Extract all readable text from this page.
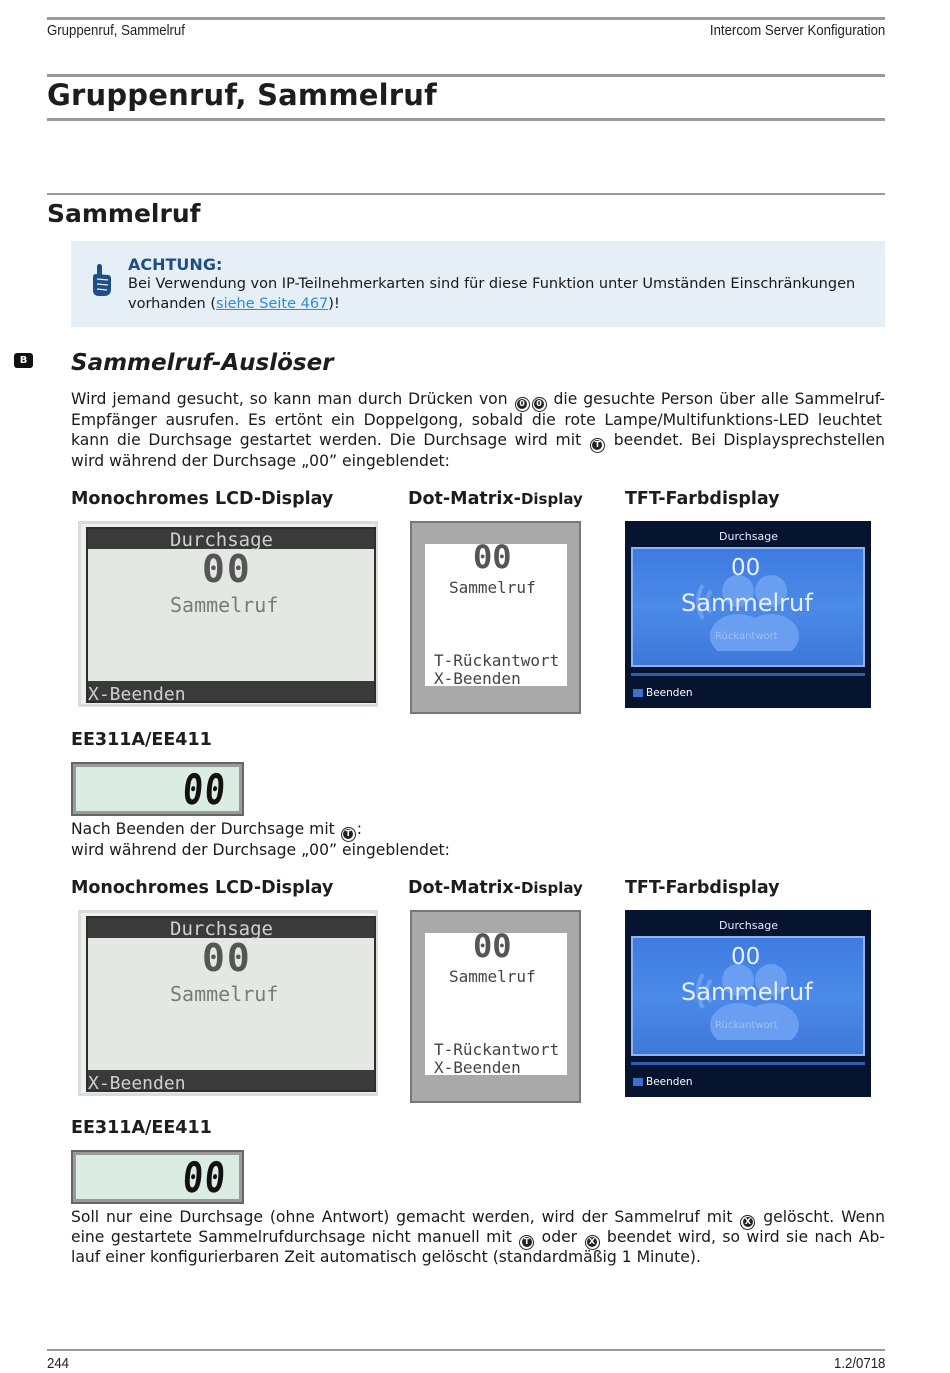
Gruppenruf, Sammelruf	Intercom Server Konfiguration
Gruppenruf, Sammelruf
Sammelruf
ACHTUNG:
Bei Verwendung von IP-Teilnehmerkarten sind für diese Funktion unter Umständen Einschränkungen vorhanden (siehe Seite 467)!
B Sammelruf-Auslöser
Wird jemand gesucht, so kann man durch Drücken von 0 0 die gesuchte Person über alle Sammelruf-
Empfänger ausrufen. Es ertönt ein Doppelgong, sobald die rote Lampe/Multifunktions-LED leuchtet
kann die Durchsage gestartet werden. Die Durchsage wird mit T beendet. Bei Displaysprechstellen
wird während der Durchsage „00” eingeblendet:
Monochromes LCD-Display	Dot-Matrix-Display TFT-Farbdisplay
Durchsage
00
Sammelruf
X-Beenden
00
Sammelruf
T-Rückantwort
X-Beenden
Durchsage
00
Sammelruf
Rückantwort
Beenden
EE311A/EE411
00
Nach Beenden der Durchsage mit T :
wird während der Durchsage „00” eingeblendet:
Monochromes LCD-Display	Dot-Matrix-Display TFT-Farbdisplay
Durchsage
00
Sammelruf
X-Beenden
00
Sammelruf
T-Rückantwort
X-Beenden
Durchsage
00
Sammelruf
Rückantwort
Beenden
EE311A/EE411
00
Soll nur eine Durchsage (ohne Antwort) gemacht werden, wird der Sammelruf mit X gelöscht. Wenn
eine gestartete Sammelrufdurchsage nicht manuell mit T oder X beendet wird, so wird sie nach Ab-
lauf einer konfigurierbaren Zeit automatisch gelöscht (standardmäßig 1 Minute).
244	1.2/0718
